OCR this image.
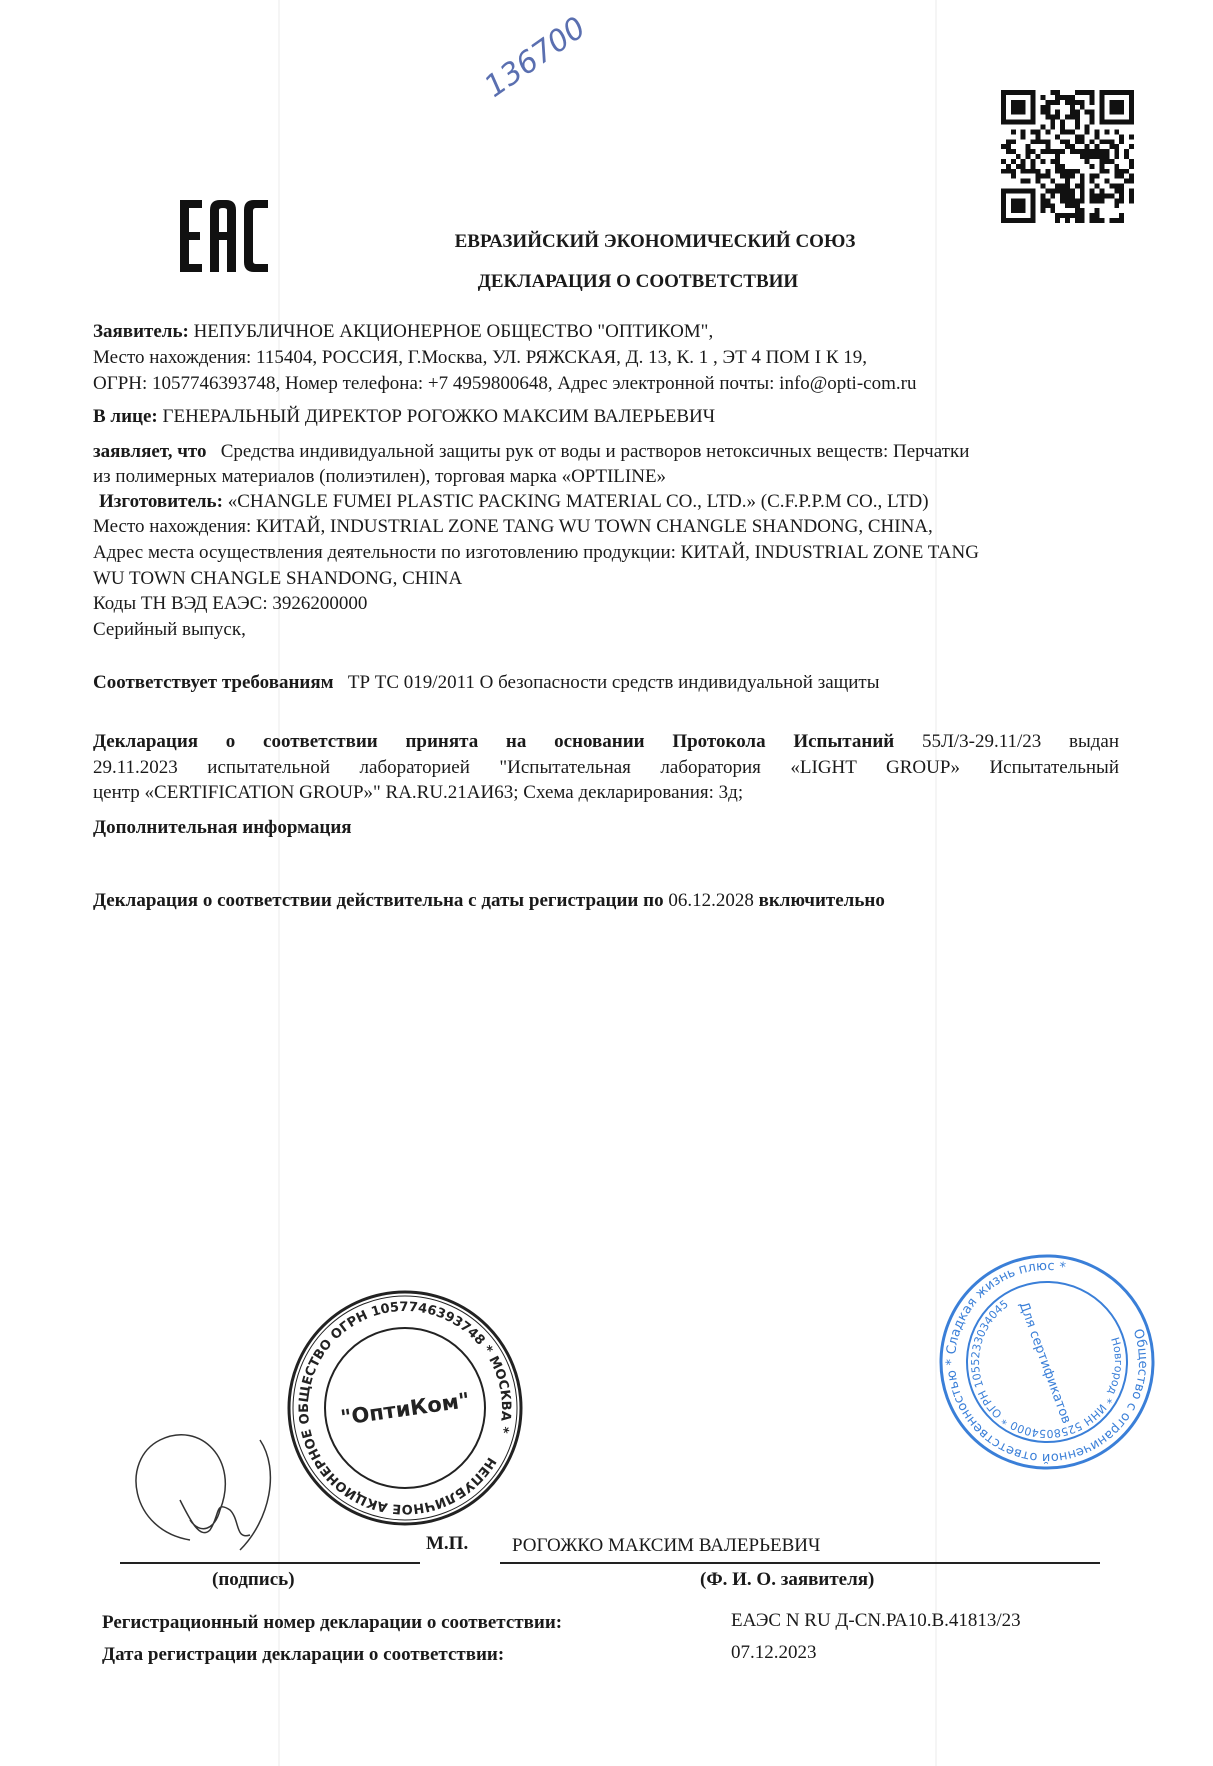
136700
ЕВРАЗИЙСКИЙ ЭКОНОМИЧЕСКИЙ СОЮЗ
ДЕКЛАРАЦИЯ О СООТВЕТСТВИИ
Заявитель: НЕПУБЛИЧНОЕ АКЦИОНЕРНОЕ ОБЩЕСТВО "ОПТИКОМ",
Место нахождения: 115404, РОССИЯ, Г.Москва, УЛ. РЯЖСКАЯ, Д. 13, К. 1 , ЭТ 4 ПОМ I К 19,
ОГРН: 1057746393748, Номер телефона: +7 4959800648, Адрес электронной почты: info@opti-com.ru
В лице: ГЕНЕРАЛЬНЫЙ ДИРЕКТОР РОГОЖКО МАКСИМ ВАЛЕРЬЕВИЧ
заявляет, что Средства индивидуальной защиты рук от воды и растворов нетоксичных веществ: Перчатки
из полимерных материалов (полиэтилен), торговая марка «OPTILINE»
Изготовитель: «CHANGLE FUMEI PLASTIC PACKING MATERIAL CO., LTD.» (C.F.P.P.M CO., LTD)
Место нахождения: КИТАЙ, INDUSTRIAL ZONE TANG WU TOWN CHANGLE SHANDONG, CHINA,
Адрес места осуществления деятельности по изготовлению продукции: КИТАЙ, INDUSTRIAL ZONE TANG
WU TOWN CHANGLE SHANDONG, CHINA
Коды ТН ВЭД ЕАЭС: 3926200000
Серийный выпуск,
Соответствует требованиям ТР ТС 019/2011 О безопасности средств индивидуальной защиты
Декларация о соответствии принята на основании Протокола Испытаний 55Л/3-29.11/23 выдан
29.11.2023 испытательной лабораторией "Испытательная лаборатория «LIGHT GROUP» Испытательный
центр «CERTIFICATION GROUP»" RA.RU.21АИ63; Схема декларирования: 3д;
Дополнительная информация
Декларация о соответствии действительна с даты регистрации по 06.12.2028 включительно
Общество с ограниченной ответственностью * Сладкая жизнь плюс *
Новгород * ИНН 5258054000 * ОГРН 1055233034045 Для сертификатов
НЕПУБЛИЧНОЕ АКЦИОНЕРНОЕ ОБЩЕСТВО ОГРН 1057746393748 * МОСКВА *
"ОптиКом"
М.П. РОГОЖКО МАКСИМ ВАЛЕРЬЕВИЧ
(подпись)	(Ф. И. О. заявителя)
Регистрационный номер декларации о соответствии:	ЕАЭС N RU Д-CN.РА10.В.41813/23
Дата регистрации декларации о соответствии:	07.12.2023
